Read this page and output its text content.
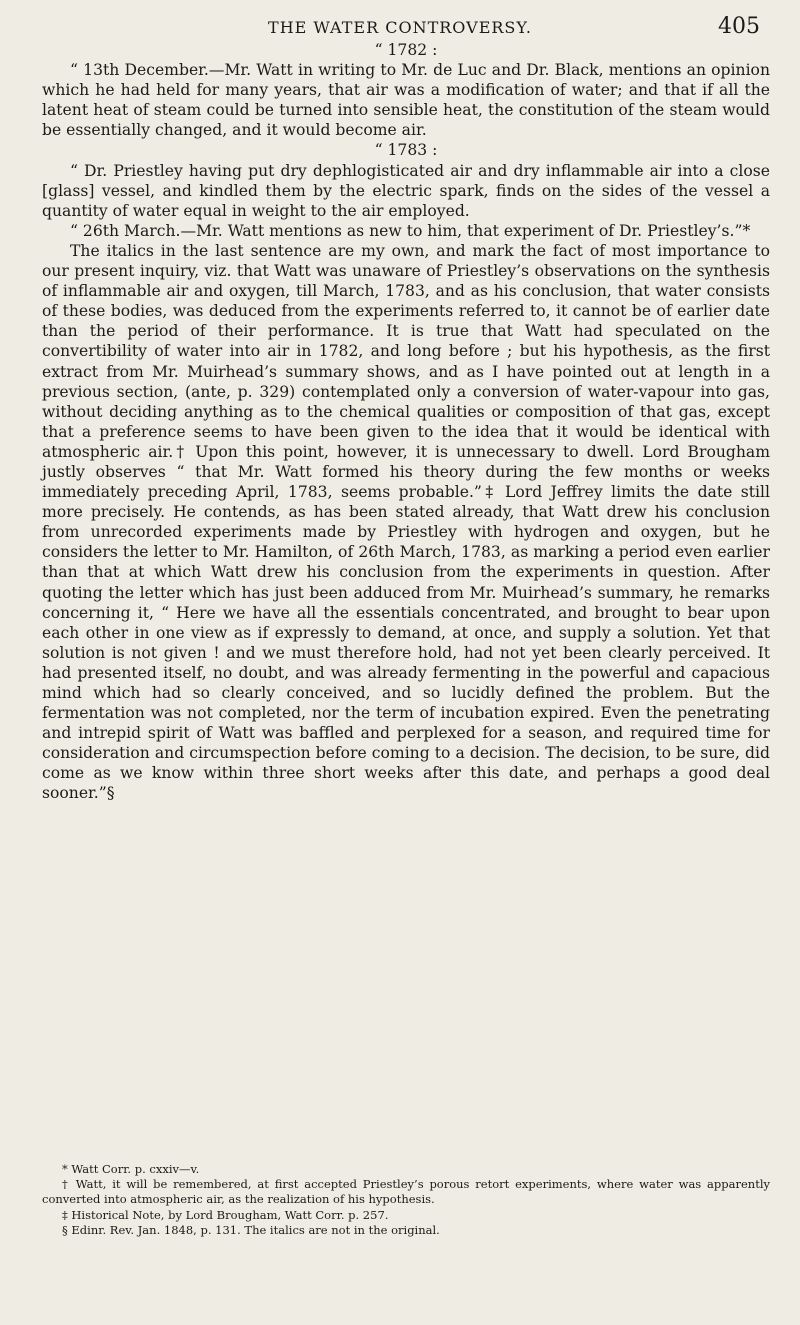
THE WATER CONTROVERSY.	405

“ 1782 :

“ 13th December.—Mr. Watt in writing to Mr. de Luc and Dr. Black, mentions an opinion which he had held for many years, that air was a modification of water; and that if all the latent heat of steam could be turned into sensible heat, the constitution of the steam would be essentially changed, and it would become air.

“ 1783 :

“ Dr. Priestley having put dry dephlogisticated air and dry inflammable air into a close [glass] vessel, and kindled them by the electric spark, finds on the sides of the vessel a quantity of water equal in weight to the air employed.

“ 26th March.—Mr. Watt mentions as new to him, that experiment of Dr. Priestley’s.”*

The italics in the last sentence are my own, and mark the fact of most importance to our present inquiry, viz. that Watt was unaware of Priestley’s observations on the synthesis of inflammable air and oxygen, till March, 1783, and as his conclusion, that water consists of these bodies, was deduced from the experiments referred to, it cannot be of earlier date than the period of their performance. It is true that Watt had speculated on the convertibility of water into air in 1782, and long before ; but his hypothesis, as the first extract from Mr. Muirhead’s summary shows, and as I have pointed out at length in a previous section, (ante, p. 329) contemplated only a conversion of water-vapour into gas, without deciding anything as to the chemical qualities or composition of that gas, except that a preference seems to have been given to the idea that it would be identical with atmospheric air.† Upon this point, however, it is unnecessary to dwell. Lord Brougham justly observes “ that Mr. Watt formed his theory during the few months or weeks immediately preceding April, 1783, seems probable.”‡ Lord Jeffrey limits the date still more precisely. He contends, as has been stated already, that Watt drew his conclusion from unrecorded experiments made by Priestley with hydrogen and oxygen, but he considers the letter to Mr. Hamilton, of 26th March, 1783, as marking a period even earlier than that at which Watt drew his conclusion from the experiments in question. After quoting the letter which has just been adduced from Mr. Muirhead’s summary, he remarks concerning it, “ Here we have all the essentials concentrated, and brought to bear upon each other in one view as if expressly to demand, at once, and supply a solution. Yet that solution is not given ! and we must therefore hold, had not yet been clearly perceived. It had presented itself, no doubt, and was already fermenting in the powerful and capacious mind which had so clearly conceived, and so lucidly defined the problem. But the fermentation was not completed, nor the term of incubation expired. Even the penetrating and intrepid spirit of Watt was baffled and perplexed for a season, and required time for consideration and circumspection before coming to a decision. The decision, to be sure, did come as we know within three short weeks after this date, and perhaps a good deal sooner.”§

* Watt Corr. p. cxxiv—v.

† Watt, it will be remembered, at first accepted Priestley’s porous retort experiments, where water was apparently converted into atmospheric air, as the realization of his hypothesis.

‡ Historical Note, by Lord Brougham, Watt Corr. p. 257.

§ Edinr. Rev. Jan. 1848, p. 131. The italics are not in the original.
